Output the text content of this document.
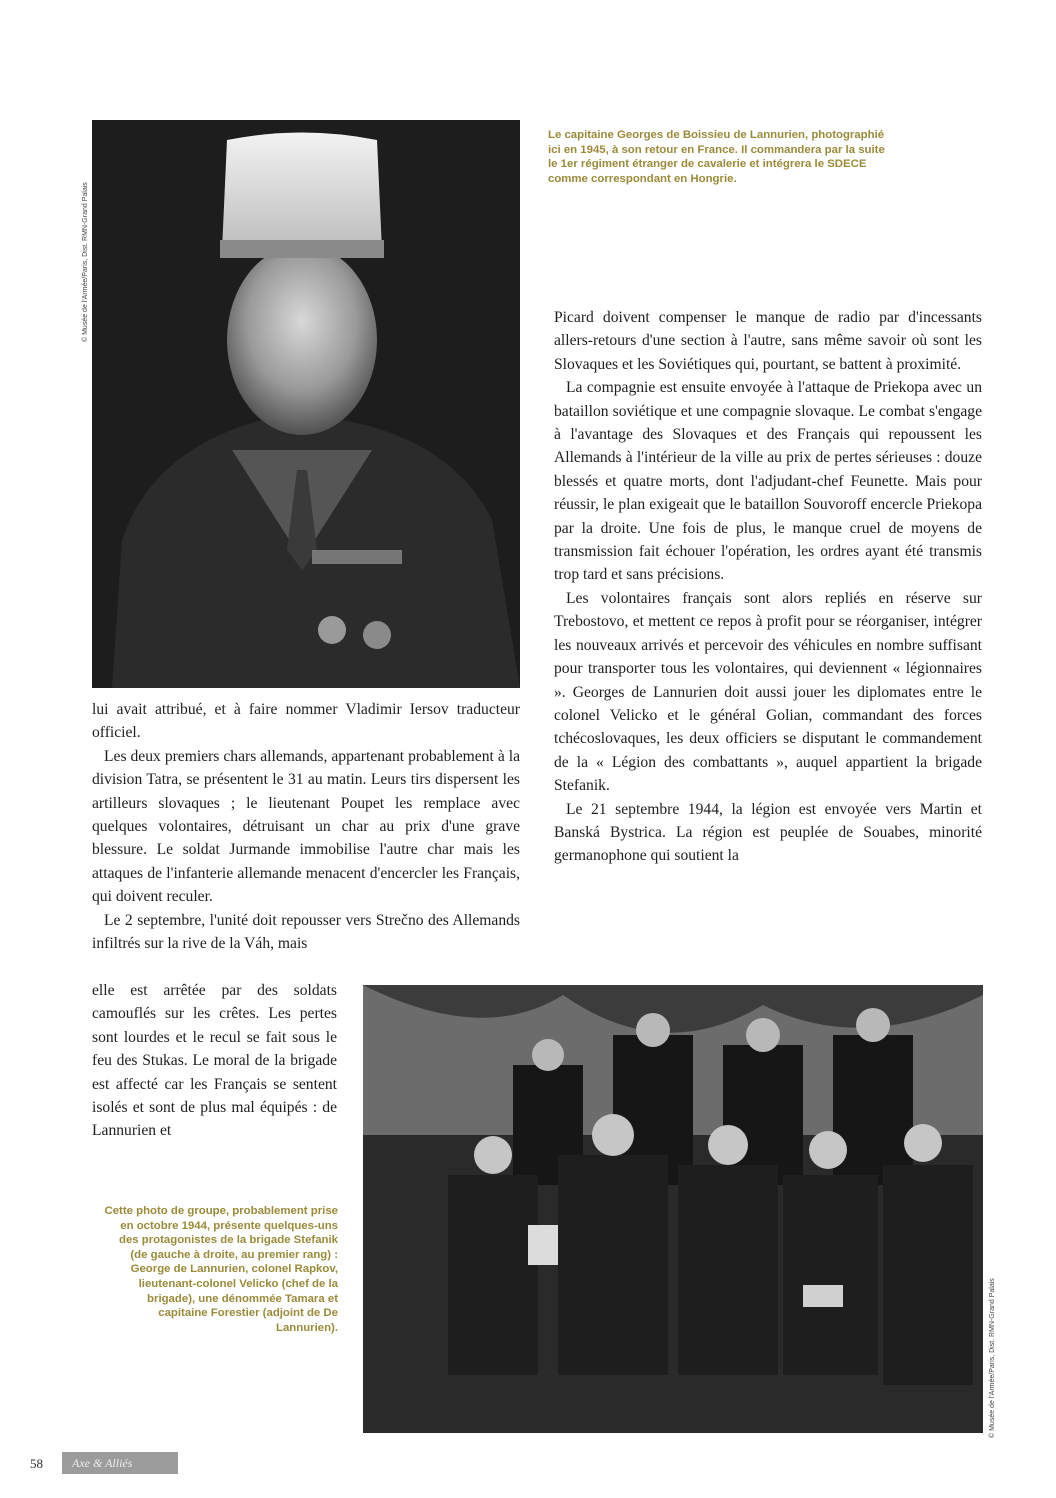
© Musée de l'Armée/Paris, Dist. RMN-Grand Palais
Le capitaine Georges de Boissieu de Lannurien, photographié ici en 1945, à son retour en France. Il commandera par la suite le 1er régiment étranger de cavalerie et intégrera le SDECE comme correspondant en Hongrie.

Picard doivent compenser le manque de radio par d'incessants allers-retours d'une section à l'autre, sans même savoir où sont les Slovaques et les Soviétiques qui, pourtant, se battent à proximité.

La compagnie est ensuite envoyée à l'attaque de Priekopa avec un bataillon soviétique et une compagnie slovaque. Le combat s'engage à l'avantage des Slovaques et des Français qui repoussent les Allemands à l'intérieur de la ville au prix de pertes sérieuses : douze blessés et quatre morts, dont l'adjudant-chef Feunette. Mais pour réussir, le plan exigeait que le bataillon Souvoroff encercle Priekopa par la droite. Une fois de plus, le manque cruel de moyens de transmission fait échouer l'opération, les ordres ayant été transmis trop tard et sans précisions.

Les volontaires français sont alors repliés en réserve sur Trebostovo, et mettent ce repos à profit pour se réorganiser, intégrer les nouveaux arrivés et percevoir des véhicules en nombre suffisant pour transporter tous les volontaires, qui deviennent « légionnaires ». Georges de Lannurien doit aussi jouer les diplomates entre le colonel Velicko et le général Golian, commandant des forces tchécoslovaques, les deux officiers se disputant le commandement de la « Légion des combattants », auquel appartient la brigade Stefanik.

Le 21 septembre 1944, la légion est envoyée vers Martin et Banská Bystrica. La région est peuplée de Souabes, minorité germanophone qui soutient la

lui avait attribué, et à faire nommer Vladimir Iersov traducteur officiel.

Les deux premiers chars allemands, appartenant probablement à la division Tatra, se présentent le 31 au matin. Leurs tirs dispersent les artilleurs slovaques ; le lieutenant Poupet les remplace avec quelques volontaires, détruisant un char au prix d'une grave blessure. Le soldat Jurmande immobilise l'autre char mais les attaques de l'infanterie allemande menacent d'encercler les Français, qui doivent reculer.

Le 2 septembre, l'unité doit repousser vers Strečno des Allemands infiltrés sur la rive de la Váh, mais

elle est arrêtée par des soldats camouflés sur les crêtes. Les pertes sont lourdes et le recul se fait sous le feu des Stukas. Le moral de la brigade est affecté car les Français se sentent isolés et sont de plus mal équipés : de Lannurien et

Cette photo de groupe, probablement prise en octobre 1944, présente quelques-uns des protagonistes de la brigade Stefanik (de gauche à droite, au premier rang) : George de Lannurien, colonel Rapkov, lieutenant-colonel Velicko (chef de la brigade), une dénommée Tamara et capitaine Forestier (adjoint de De Lannurien).	© Musée de l'Armée/Paris, Dist. RMN-Grand Palais
58	Axe & Alliés
